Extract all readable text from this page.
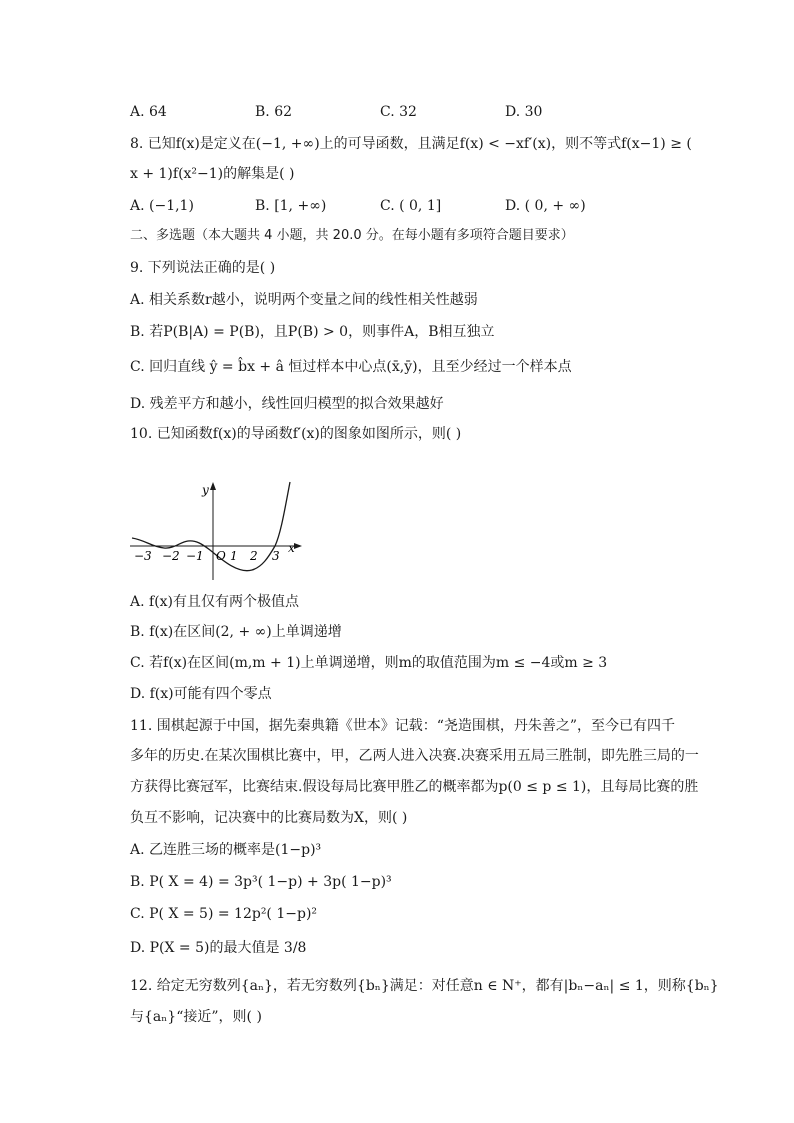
A. 64	B. 62	C. 32	D. 30
8. 已知f(x)是定义在(−1, +∞)上的可导函数，且满足f(x) < −xf′(x)，则不等式f(x−1) ≥ (
x + 1)f(x²−1)的解集是( )
A. (−1,1)	B. [1, +∞)	C. ( 0, 1]	D. ( 0, + ∞)
二、多选题（本大题共 4 小题，共 20.0 分。在每小题有多项符合题目要求）
9. 下列说法正确的是( )
A. 相关系数r越小，说明两个变量之间的线性相关性越弱
B. 若P(B|A) = P(B)，且P(B) > 0，则事件A，B相互独立
C. 回归直线 ŷ = b̂x + â 恒过样本中心点(x̄,ȳ)，且至少经过一个样本点
D. 残差平方和越小，线性回归模型的拟合效果越好
10. 已知函数f(x)的导函数f′(x)的图象如图所示，则( )
y
x
O
−3 −2 −1 1 2 3
A. f(x)有且仅有两个极值点
B. f(x)在区间(2, + ∞)上单调递增
C. 若f(x)在区间(m,m + 1)上单调递增，则m的取值范围为m ≤ −4或m ≥ 3
D. f(x)可能有四个零点
11. 围棋起源于中国，据先秦典籍《世本》记载：“尧造围棋，丹朱善之”，至今已有四千
多年的历史.在某次围棋比赛中，甲，乙两人进入决赛.决赛采用五局三胜制，即先胜三局的一
方获得比赛冠军，比赛结束.假设每局比赛甲胜乙的概率都为p(0 ≤ p ≤ 1)，且每局比赛的胜
负互不影响，记决赛中的比赛局数为X，则( )
A. 乙连胜三场的概率是(1−p)³
B. P( X = 4) = 3p³( 1−p) + 3p( 1−p)³
C. P( X = 5) = 12p²( 1−p)²
D. P(X = 5)的最大值是 3/8
12. 给定无穷数列{aₙ}，若无穷数列{bₙ}满足：对任意n ∈ N⁺，都有|bₙ−aₙ| ≤ 1，则称{bₙ}
与{aₙ}“接近”，则( )
